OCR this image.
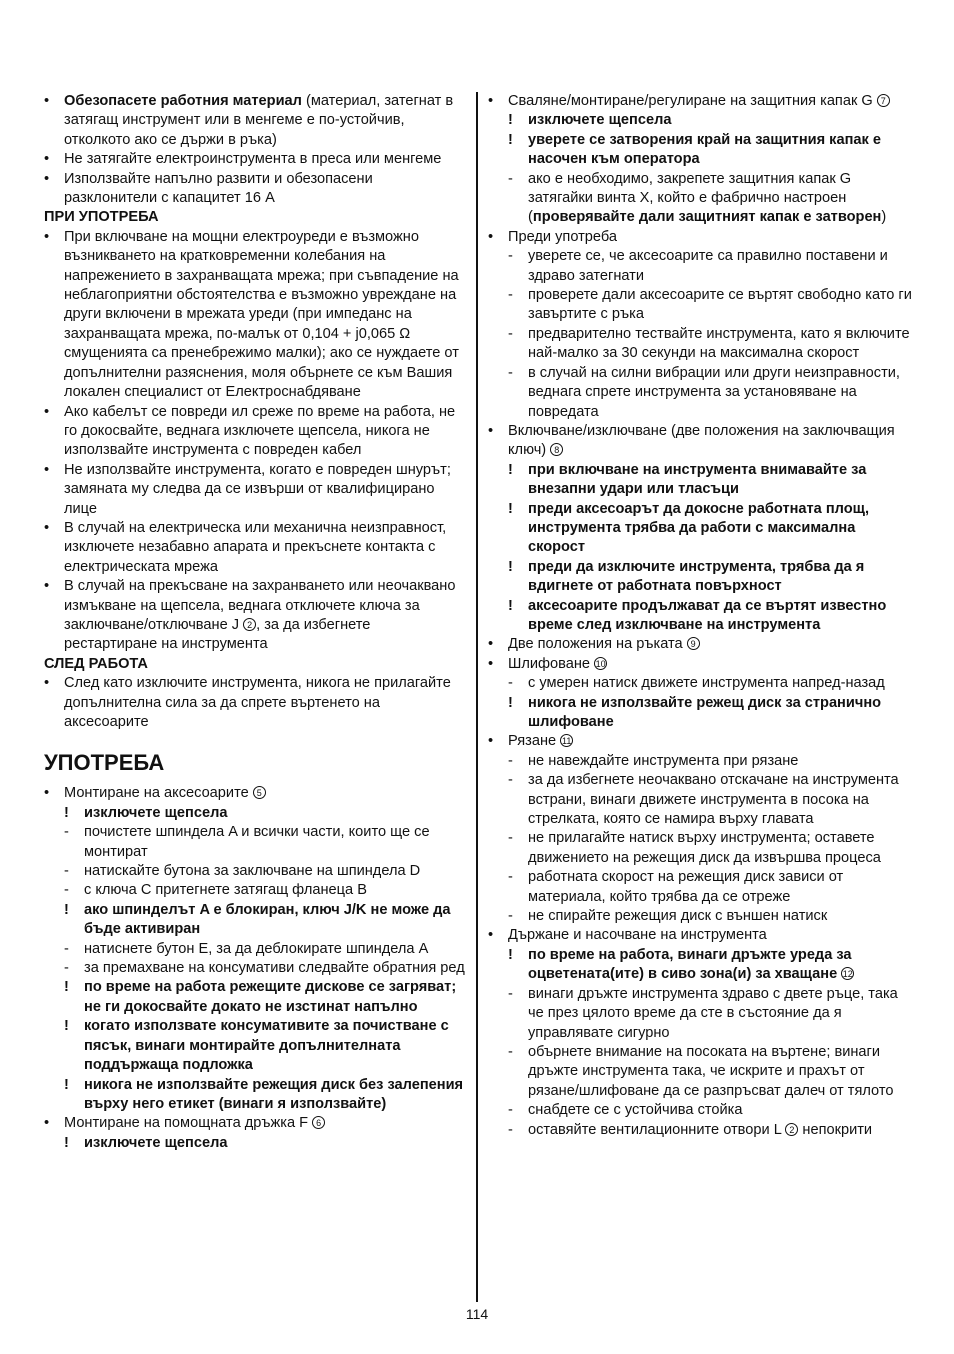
•	Обезопасете работния материал (материал, затегнат в затягащ инструмент или в менгеме е по-устойчив, отколкото ако се държи в ръка)
•	Не затягайте електроинструмента в преса или менгеме
•	Използвайте напълно развити и обезопасени разклонители с капацитет 16 A
ПРИ УПОТРЕБА
•	При включване на мощни електроуреди е възможно възникването на кратковременни колебания на напрежението в захранващата мрежа; при съвпадение на неблагоприятни обстоятелства е възможно увреждане на други включени в мрежата уреди (при импеданс на захранващата мрежа, по-малък от 0,104 + j0,065 Ω смущенията са пренебрежимо малки); ако се нуждаете от допълнителни разяснения, моля обърнете се към Вашия локален специалист от Електроснабдяване
•	Ако кабелът се повреди ил среже по време на работа, не го докосвайте, веднага изключете щепсела, никога не използвайте инструмента с повреден кабел
•	Не използвайте инструмента, когато е повреден шнурът; замяната му следва да се извърши от квалифицирано лице
•	В случай на електрическа или механична неизправност, изключете незабавно апарата и прекъснете контакта с електрическата мрежа
•	В случай на прекъсване на захранването или неочаквано измъкване на щепсела, веднага отключете ключа за заключване/отключване J 2 , за да избегнете рестартиране на инструмента
СЛЕД РАБОТА
•	След като изключите инструмента, никога не прилагайте допълнителна сила за да спрете въртенето на аксесоарите
УПОТРЕБА
•	Монтиране на аксесоарите 5
!	изключете щепсела
-	почистете шпиндела A и всички части, които ще се монтират
-	натискайте бутона за заключване на шпиндела D
-	с ключа C притегнете затягащ фланеца B
!	ако шпинделът A е блокиран, ключ J/K не може да бъде активиран
-	натиснете бутон E, за да деблокирате шпиндела A
-	за премахване на консумативи следвайте обратния ред
!	по време на работа режещите дискове се загряват; не ги докосвайте докато не изстинат напълно
!	когато използвате консумативите за почистване с пясък, винаги монтирайте допълнителната поддържаща подложка
!	никога не използвайте режещия диск без залепения върху него етикет (винаги я използвайте)
•	Монтиране на помощната дръжка F 6
!	изключете щепсела
•	Сваляне/монтиране/регулиране на защитния капак G 7
!	изключете щепсела
!	уверете се затворения край на защитния капак е насочен към оператора
-	ако е необходимо, закрепете защитния капак G затягайки винта X, който е фабрично настроен (проверявайте дали защитният капак е затворен)
•	Преди употреба
-	уверете се, че аксесоарите са правилно поставени и здраво затегнати
-	проверете дали аксесоарите се въртят свободно като ги завъртите с ръка
-	предварително тествайте инструмента, като я включите най-малко за 30 секунди на максимална скорост
-	в случай на силни вибрации или други неизправности, веднага спрете инструмента за установяване на повредата
•	Включване/изключване (две положения на заключващия ключ) 8
!	при включване на инструмента внимавайте за внезапни удари или тласъци
!	преди аксесоарът да докосне работната площ, инструмента трябва да работи с максимална скорост
!	преди да изключите инструмента, трябва да я вдигнете от работната повърхност
!	аксесоарите продължават да се въртят известно време след изключване на инструмента
•	Две положения на ръката 9
•	Шлифоване 10
-	с умерен натиск движете инструмента напред-назад
!	никога не използвайте режещ диск за странично шлифоване
•	Рязане 11
-	не навеждайте инструмента при рязане
-	за да избегнете неочаквано отскачане на инструмента встрани, винаги движете инструмента в посока на стрелката, която се намира върху главата
-	не прилагайте натиск върху инструмента; оставете движението на режещия диск да извършва процеса
-	работната скорост на режещия диск зависи от материала, който трябва да се отреже
-	не спирайте режещия диск с външен натиск
•	Държане и насочване на инструмента
!	по време на работа, винаги дръжте уреда за оцветената(ите) в сиво зона(и) за хващане 12
-	винаги дръжте инструмента здраво с двете ръце, така че през цялото време да сте в състояние да я управлявате сигурно
-	обърнете внимание на посоката на въртене; винаги дръжте инструмента така, че искрите и прахът от рязане/шлифоване да се разпръсват далеч от тялото
-	снабдете се с устойчива стойка
-	оставяйте вентилационните отвори L 2 непокрити
114
